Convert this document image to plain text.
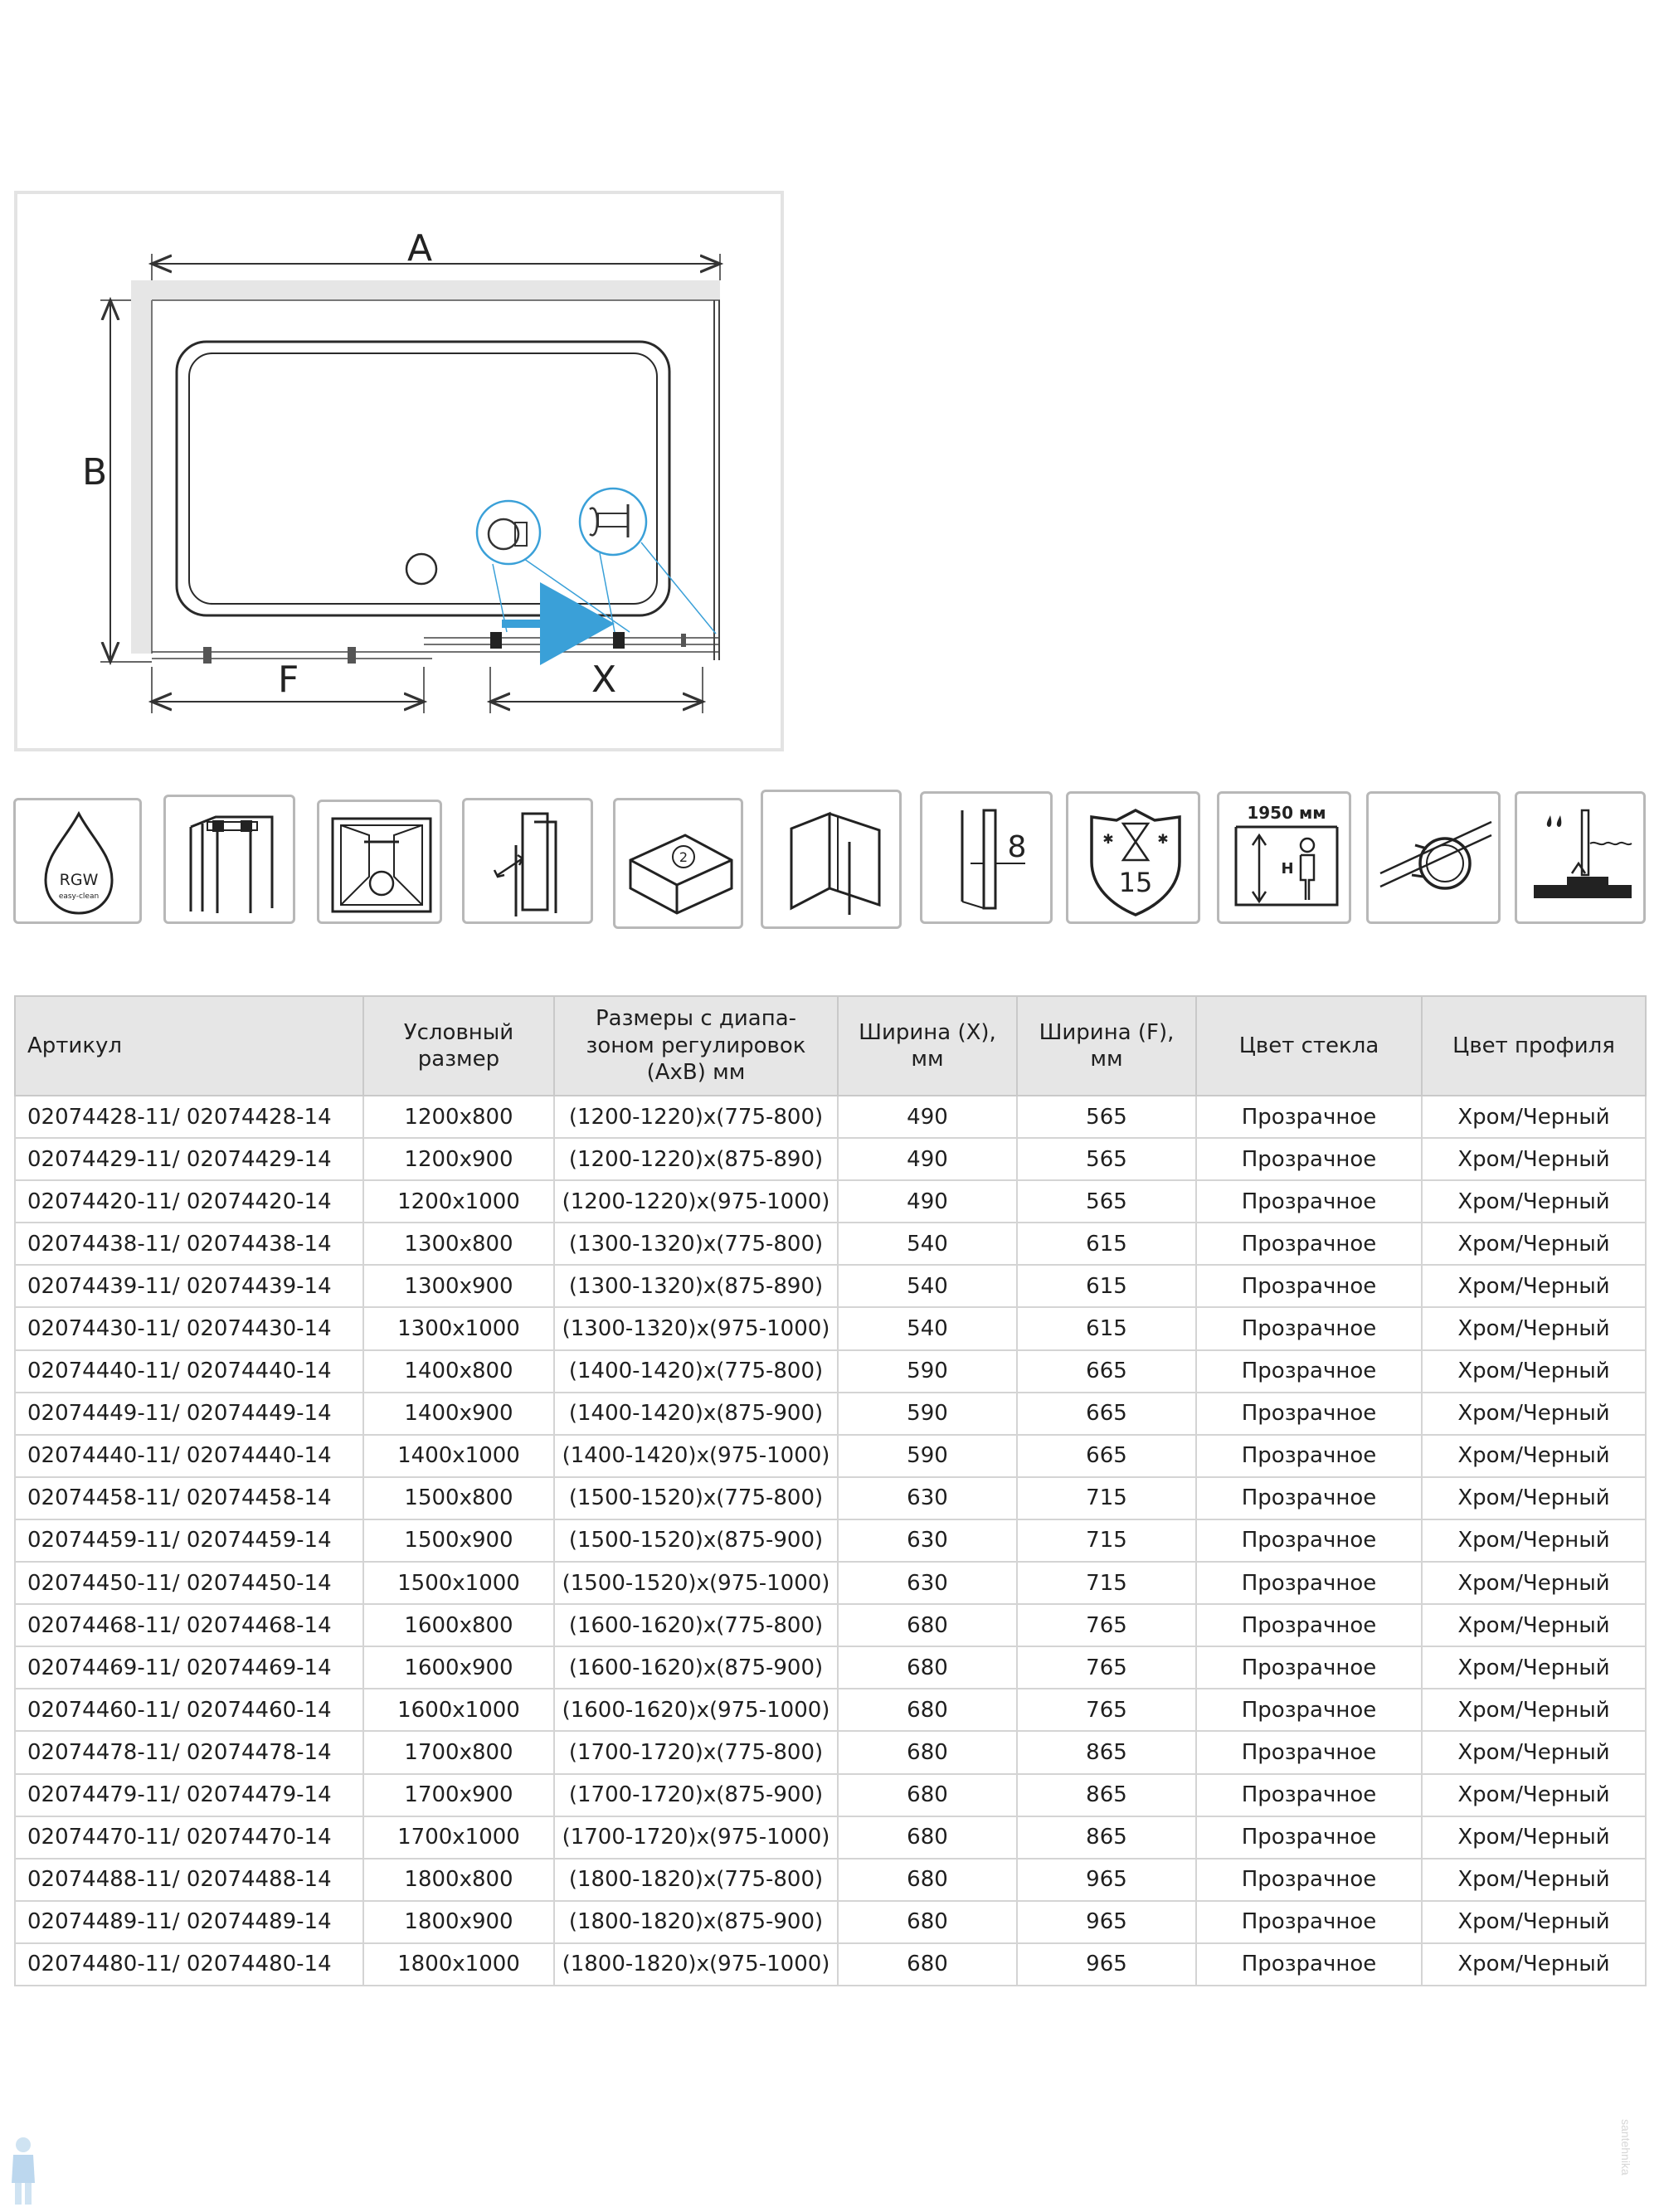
A
B
F	X
RGW
easy-clean
2	8	✱	✱
15
1950 мм
H
Артикул	Условный размер	Размеры с диапа-зоном регулировок (AxB) мм	Ширина (X), мм	Ширина (F), мм	Цвет стекла	Цвет профиля
02074428-11/ 02074428-14	1200x800	(1200-1220)x(775-800)	490	565	Прозрачное	Хром/Черный
02074429-11/ 02074429-14	1200x900	(1200-1220)x(875-890)	490	565	Прозрачное	Хром/Черный
02074420-11/ 02074420-14	1200x1000	(1200-1220)x(975-1000)	490	565	Прозрачное	Хром/Черный
02074438-11/ 02074438-14	1300x800	(1300-1320)x(775-800)	540	615	Прозрачное	Хром/Черный
02074439-11/ 02074439-14	1300x900	(1300-1320)x(875-890)	540	615	Прозрачное	Хром/Черный
02074430-11/ 02074430-14	1300x1000	(1300-1320)x(975-1000)	540	615	Прозрачное	Хром/Черный
02074440-11/ 02074440-14	1400x800	(1400-1420)x(775-800)	590	665	Прозрачное	Хром/Черный
02074449-11/ 02074449-14	1400x900	(1400-1420)x(875-900)	590	665	Прозрачное	Хром/Черный
02074440-11/ 02074440-14	1400x1000	(1400-1420)x(975-1000)	590	665	Прозрачное	Хром/Черный
02074458-11/ 02074458-14	1500x800	(1500-1520)x(775-800)	630	715	Прозрачное	Хром/Черный
02074459-11/ 02074459-14	1500x900	(1500-1520)x(875-900)	630	715	Прозрачное	Хром/Черный
02074450-11/ 02074450-14	1500x1000	(1500-1520)x(975-1000)	630	715	Прозрачное	Хром/Черный
02074468-11/ 02074468-14	1600x800	(1600-1620)x(775-800)	680	765	Прозрачное	Хром/Черный
02074469-11/ 02074469-14	1600x900	(1600-1620)x(875-900)	680	765	Прозрачное	Хром/Черный
02074460-11/ 02074460-14	1600x1000	(1600-1620)x(975-1000)	680	765	Прозрачное	Хром/Черный
02074478-11/ 02074478-14	1700x800	(1700-1720)x(775-800)	680	865	Прозрачное	Хром/Черный
02074479-11/ 02074479-14	1700x900	(1700-1720)x(875-900)	680	865	Прозрачное	Хром/Черный
02074470-11/ 02074470-14	1700x1000	(1700-1720)x(975-1000)	680	865	Прозрачное	Хром/Черный
02074488-11/ 02074488-14	1800x800	(1800-1820)x(775-800)	680	965	Прозрачное	Хром/Черный
02074489-11/ 02074489-14	1800x900	(1800-1820)x(875-900)	680	965	Прозрачное	Хром/Черный
02074480-11/ 02074480-14	1800x1000	(1800-1820)x(975-1000)	680	965	Прозрачное	Хром/Черный
santehnika
